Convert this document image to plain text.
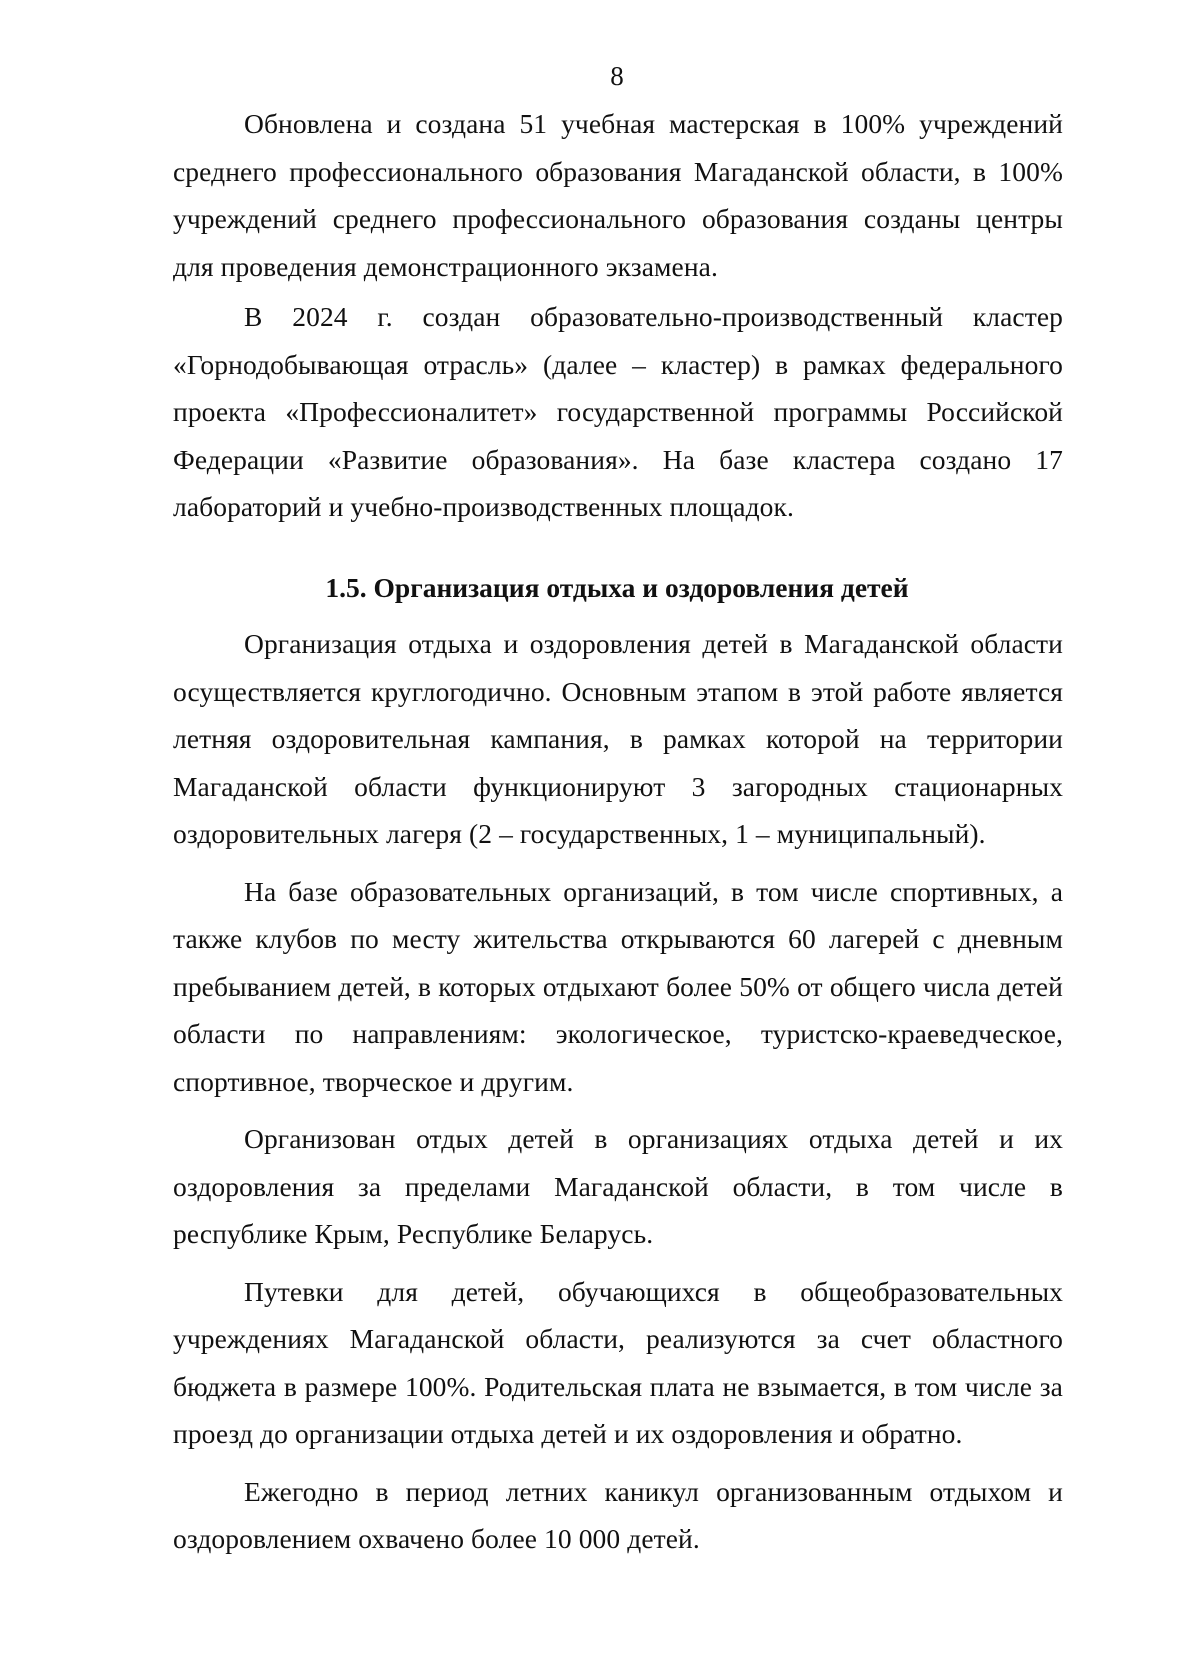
8

Обновлена и создана 51 учебная мастерская в 100% учреждений среднего профессионального образования Магаданской области, в 100% учреждений среднего профессионального образования созданы центры для проведения демонстрационного экзамена.

В 2024 г. создан образовательно-производственный кластер «Горнодобывающая отрасль» (далее – кластер) в рамках федерального проекта «Профессионалитет» государственной программы Российской Федерации «Развитие образования». На базе кластера создано 17 лабораторий и учебно-производственных площадок.

1.5. Организация отдыха и оздоровления детей

Организация отдыха и оздоровления детей в Магаданской области осуществляется круглогодично. Основным этапом в этой работе является летняя оздоровительная кампания, в рамках которой на территории Магаданской области функционируют 3 загородных стационарных оздоровительных лагеря (2 – государственных, 1 – муниципальный).

На базе образовательных организаций, в том числе спортивных, а также клубов по месту жительства открываются 60 лагерей с дневным пребыванием детей, в которых отдыхают более 50% от общего числа детей области по направлениям: экологическое, туристско-краеведческое, спортивное, творческое и другим.

Организован отдых детей в организациях отдыха детей и их оздоровления за пределами Магаданской области, в том числе в республике Крым, Республике Беларусь.

Путевки для детей, обучающихся в общеобразовательных учреждениях Магаданской области, реализуются за счет областного бюджета в размере 100%. Родительская плата не взымается, в том числе за проезд до организации отдыха детей и их оздоровления и обратно.

Ежегодно в период летних каникул организованным отдыхом и оздоровлением охвачено более 10 000 детей.
